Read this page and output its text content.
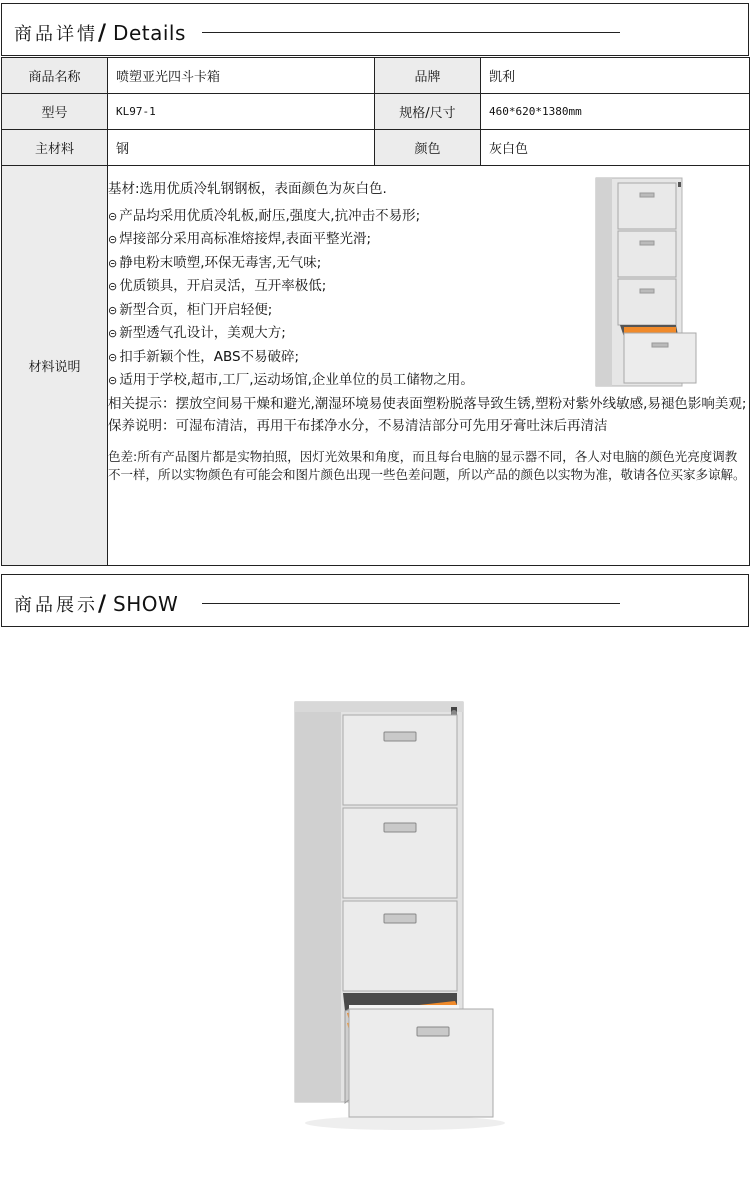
商品详情/ Details
商品名称	喷塑亚光四斗卡箱	品牌	凯利
型号	KL97-1	规格/尺寸	460*620*1380mm
主材料	钢	颜色	灰白色
材料说明			

基材:选用优质冷轧钢钢板，表面颜色为灰白色.

⊝ 产品均采用优质冷轧板,耐压,强度大,抗冲击不易形;

⊝ 焊接部分采用高标准熔接焊,表面平整光滑;

⊝ 静电粉末喷塑,环保无毒害,无气味;

⊝ 优质锁具，开启灵活，互开率极低;

⊝ 新型合页，柜门开启轻便;

⊝ 新型透气孔设计，美观大方;

⊝ 扣手新颖个性，ABS不易破碎;

⊝ 适用于学校,超市,工厂,运动场馆,企业单位的员工储物之用。

相关提示：摆放空间易干燥和避光,潮湿环境易使表面塑粉脱落导致生锈,塑粉对紫外线敏感,易褪色影响美观;

保养说明：可湿布清洁，再用干布揉净水分，不易清洁部分可先用牙膏吐沫后再清洁

色差:所有产品图片都是实物拍照，因灯光效果和角度，而且每台电脑的显示器不同，各人对电脑的颜色光亮度调教不一样，所以实物颜色有可能会和图片颜色出现一些色差问题，所以产品的颜色以实物为准，敬请各位买家多谅解。

商品展示/ SHOW
